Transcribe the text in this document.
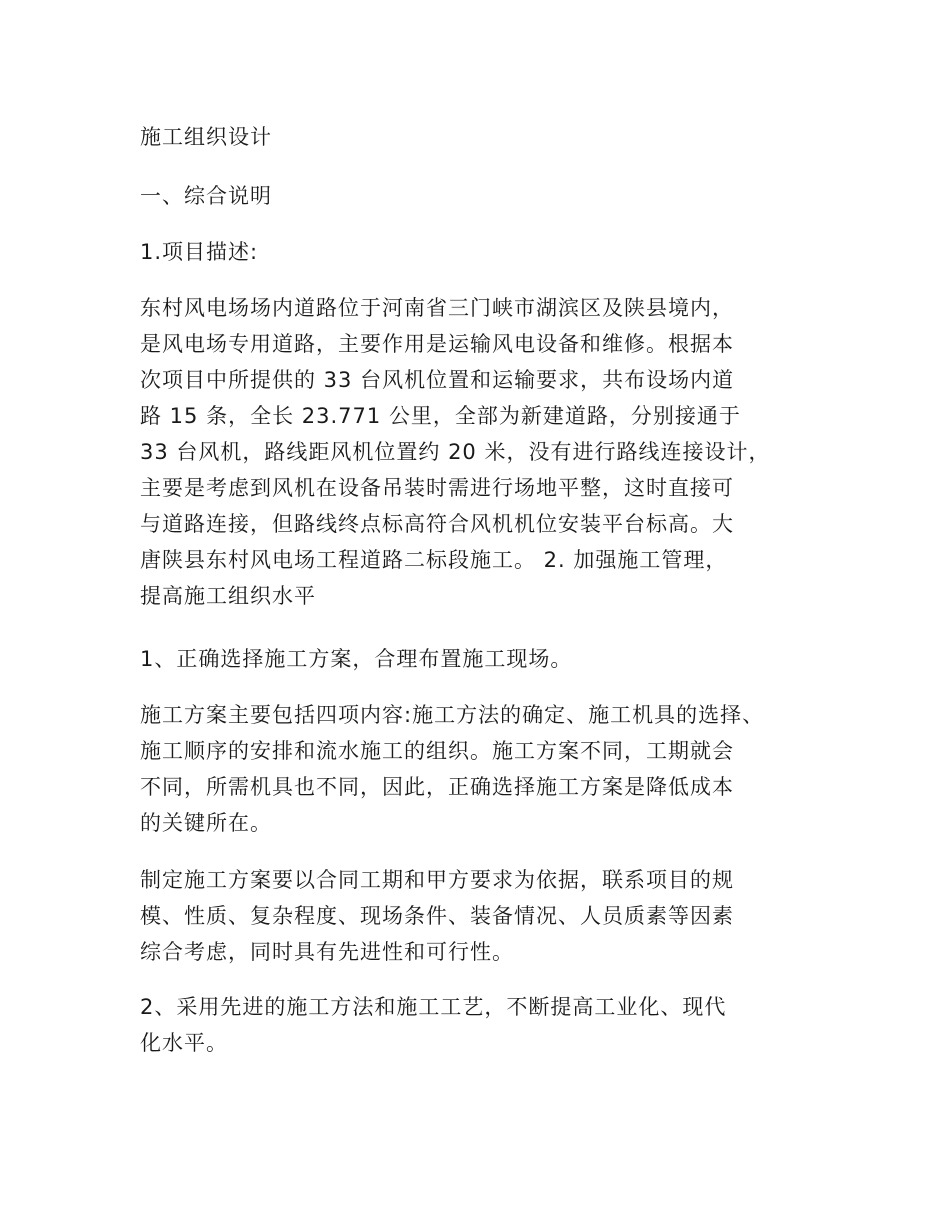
施工组织设计
一、综合说明
1.项目描述:
东村风电场场内道路位于河南省三门峡市湖滨区及陕县境内，
是风电场专用道路，主要作用是运输风电设备和维修。根据本
次项目中所提供的 33 台风机位置和运输要求，共布设场内道
路 15 条，全长 23.771 公里，全部为新建道路，分别接通于
33 台风机，路线距风机位置约 20 米，没有进行路线连接设计，
主要是考虑到风机在设备吊装时需进行场地平整，这时直接可
与道路连接，但路线终点标高符合风机机位安装平台标高。大
唐陕县东村风电场工程道路二标段施工。 2. 加强施工管理，
提高施工组织水平
1、正确选择施工方案，合理布置施工现场。
施工方案主要包括四项内容:施工方法的确定、施工机具的选择、
施工顺序的安排和流水施工的组织。施工方案不同，工期就会
不同，所需机具也不同，因此，正确选择施工方案是降低成本
的关键所在。
制定施工方案要以合同工期和甲方要求为依据，联系项目的规
模、性质、复杂程度、现场条件、装备情况、人员质素等因素
综合考虑，同时具有先进性和可行性。
2、采用先进的施工方法和施工工艺，不断提高工业化、现代
化水平。
